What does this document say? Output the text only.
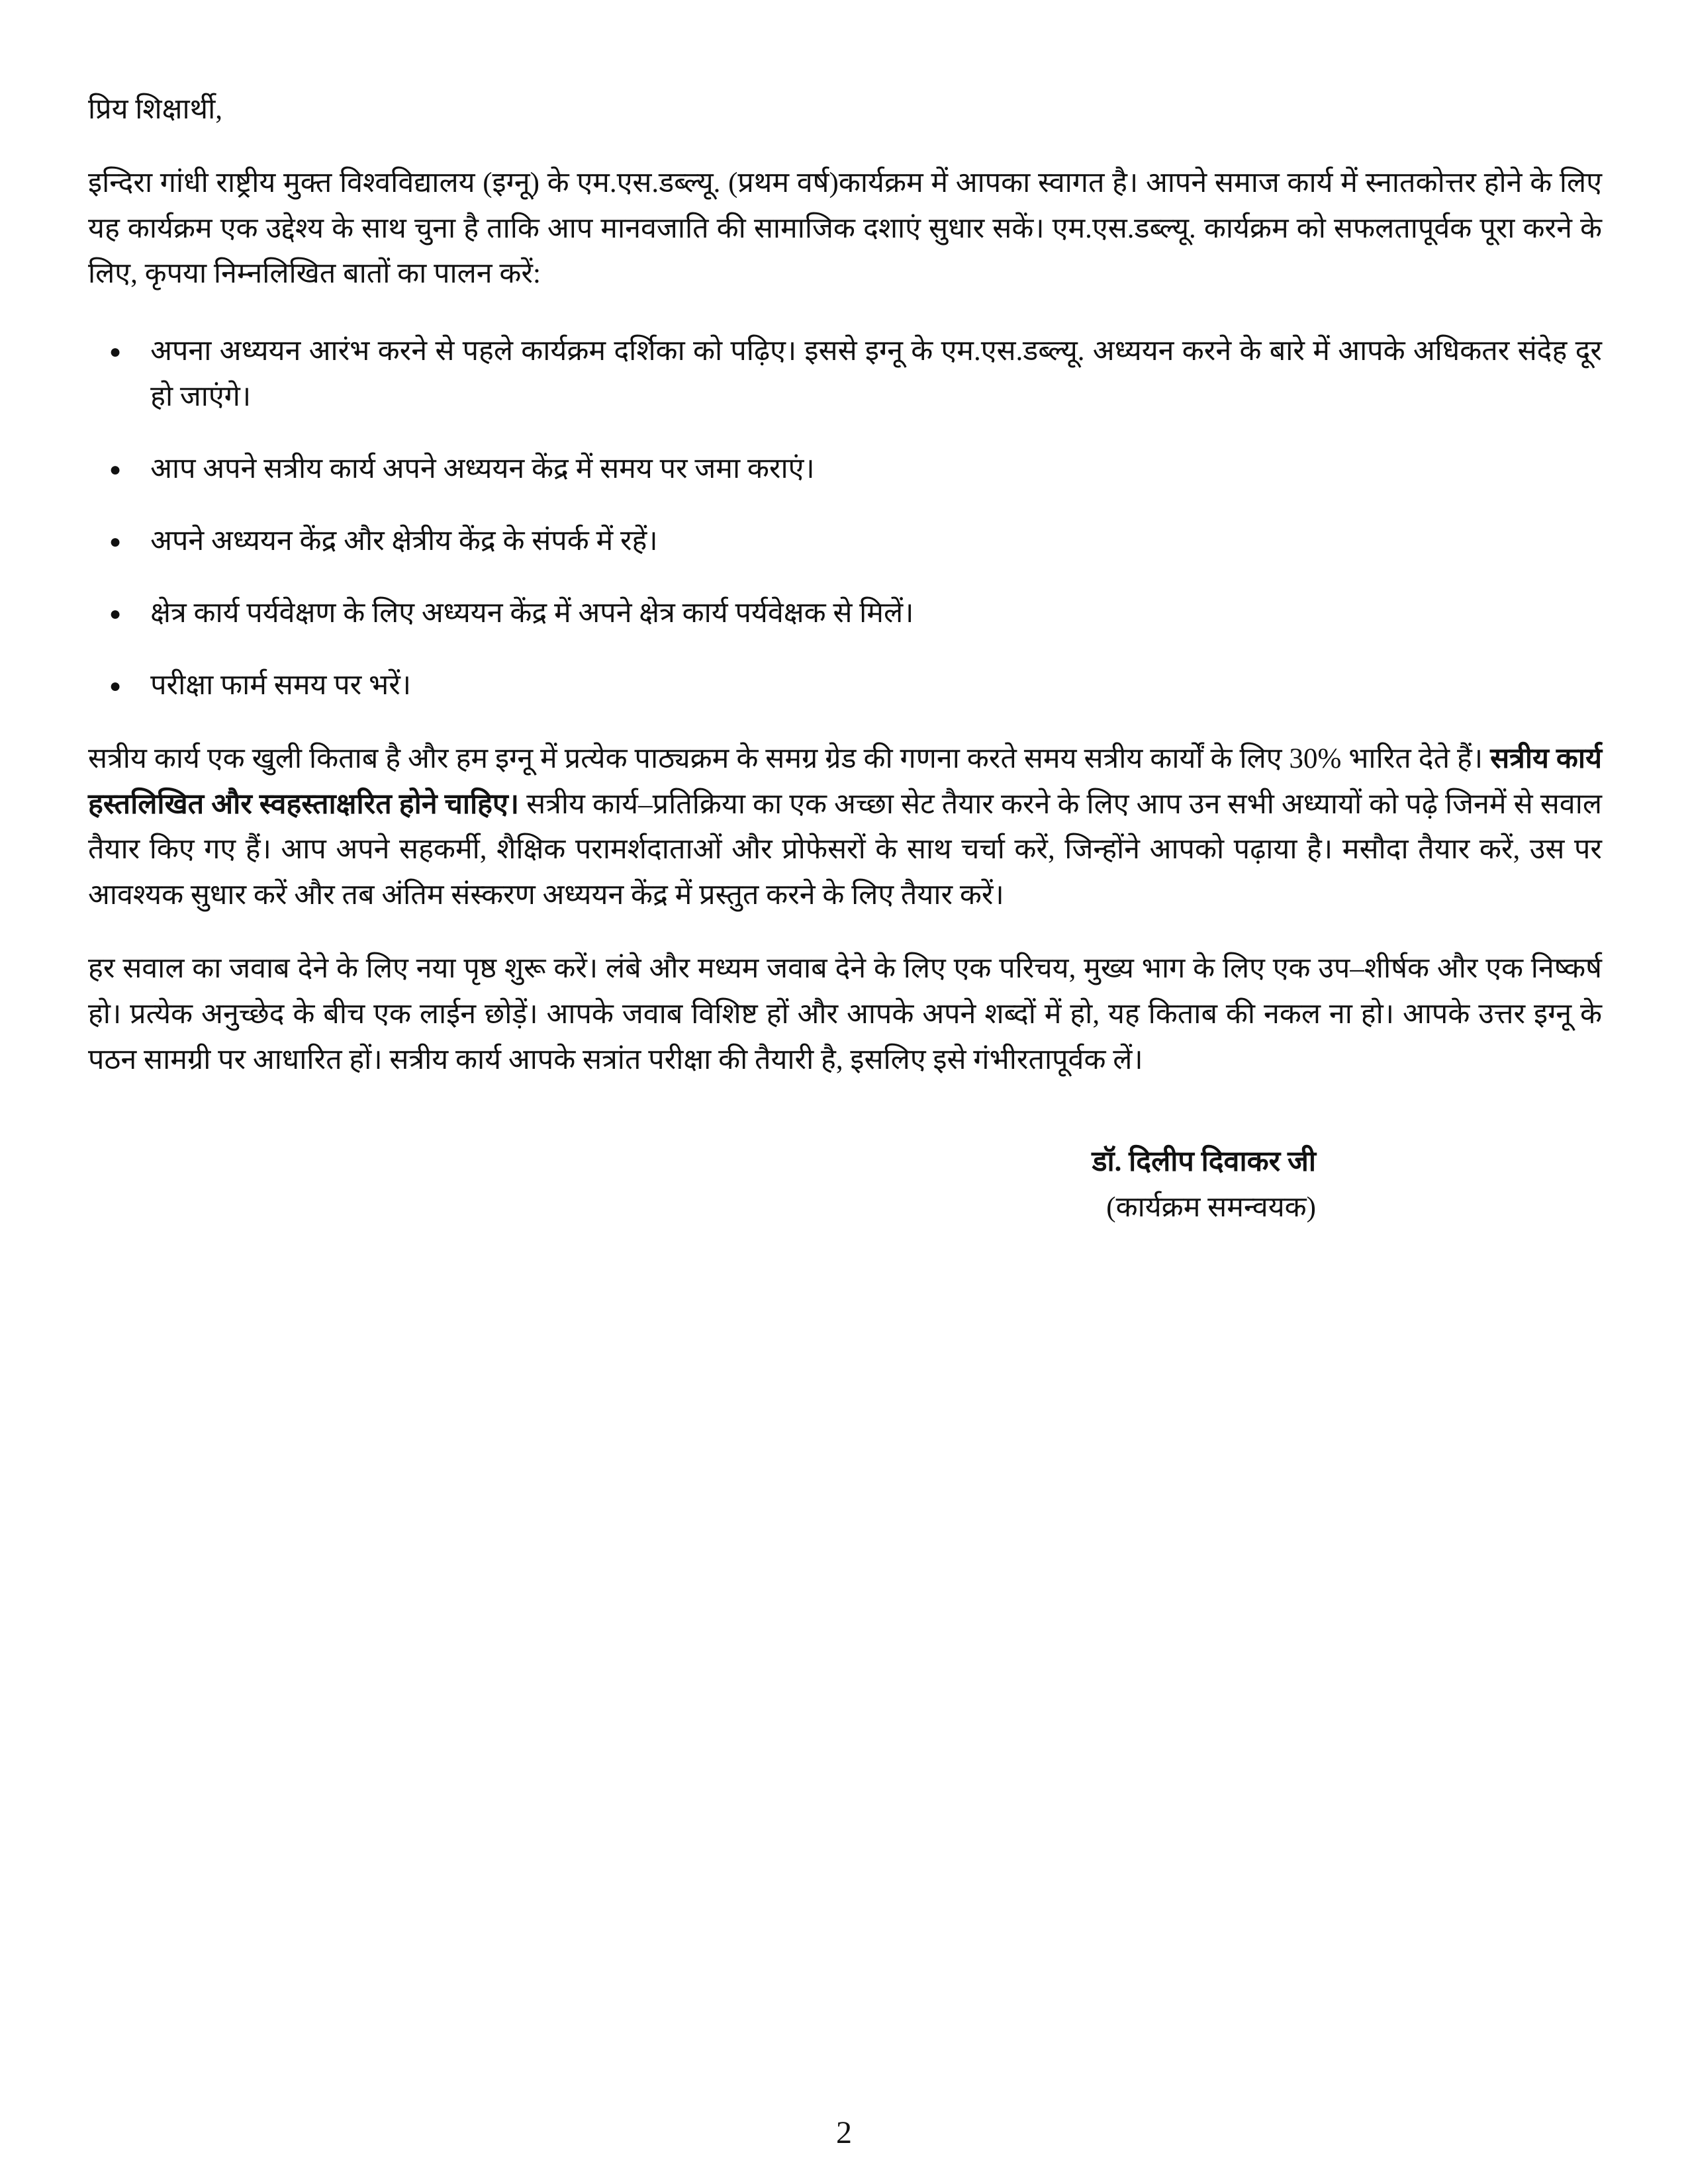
प्रिय शिक्षार्थी,

इन्दिरा गांधी राष्ट्रीय मुक्त विश्वविद्यालय (इग्नू) के एम.एस.डब्ल्यू. (प्रथम वर्ष)कार्यक्रम में आपका स्वागत है। आपने समाज कार्य में स्नातकोत्तर होने के लिए यह कार्यक्रम एक उद्देश्य के साथ चुना है ताकि आप मानवजाति की सामाजिक दशाएं सुधार सकें। एम.एस.डब्ल्यू. कार्यक्रम को सफलतापूर्वक पूरा करने के लिए, कृपया निम्नलिखित बातों का पालन करें:

● अपना अध्ययन आरंभ करने से पहले कार्यक्रम दर्शिका को पढ़िए। इससे इग्नू के एम.एस.डब्ल्यू. अध्ययन करने के बारे में आपके अधिकतर संदेह दूर हो जाएंगे।
● आप अपने सत्रीय कार्य अपने अध्ययन केंद्र में समय पर जमा कराएं।
● अपने अध्ययन केंद्र और क्षेत्रीय केंद्र के संपर्क में रहें।
● क्षेत्र कार्य पर्यवेक्षण के लिए अध्ययन केंद्र में अपने क्षेत्र कार्य पर्यवेक्षक से मिलें।
● परीक्षा फार्म समय पर भरें।

सत्रीय कार्य एक खुली किताब है और हम इग्नू में प्रत्येक पाठ्यक्रम के समग्र ग्रेड की गणना करते समय सत्रीय कार्यों के लिए 30% भारित देते हैं। सत्रीय कार्य हस्तलिखित और स्वहस्ताक्षरित होने चाहिए। सत्रीय कार्य–प्रतिक्रिया का एक अच्छा सेट तैयार करने के लिए आप उन सभी अध्यायों को पढ़े जिनमें से सवाल तैयार किए गए हैं। आप अपने सहकर्मी, शैक्षिक परामर्शदाताओं और प्रोफेसरों के साथ चर्चा करें, जिन्होंने आपको पढ़ाया है। मसौदा तैयार करें, उस पर आवश्यक सुधार करें और तब अंतिम संस्करण अध्ययन केंद्र में प्रस्तुत करने के लिए तैयार करें।

हर सवाल का जवाब देने के लिए नया पृष्ठ शुरू करें। लंबे और मध्यम जवाब देने के लिए एक परिचय, मुख्य भाग के लिए एक उप–शीर्षक और एक निष्कर्ष हो। प्रत्येक अनुच्छेद के बीच एक लाईन छोड़ें। आपके जवाब विशिष्ट हों और आपके अपने शब्दों में हो, यह किताब की नकल ना हो। आपके उत्तर इग्नू के पठन सामग्री पर आधारित हों। सत्रीय कार्य आपके सत्रांत परीक्षा की तैयारी है, इसलिए इसे गंभीरतापूर्वक लें।

डॉ. दिलीप दिवाकर जी

(कार्यक्रम समन्वयक)

2
